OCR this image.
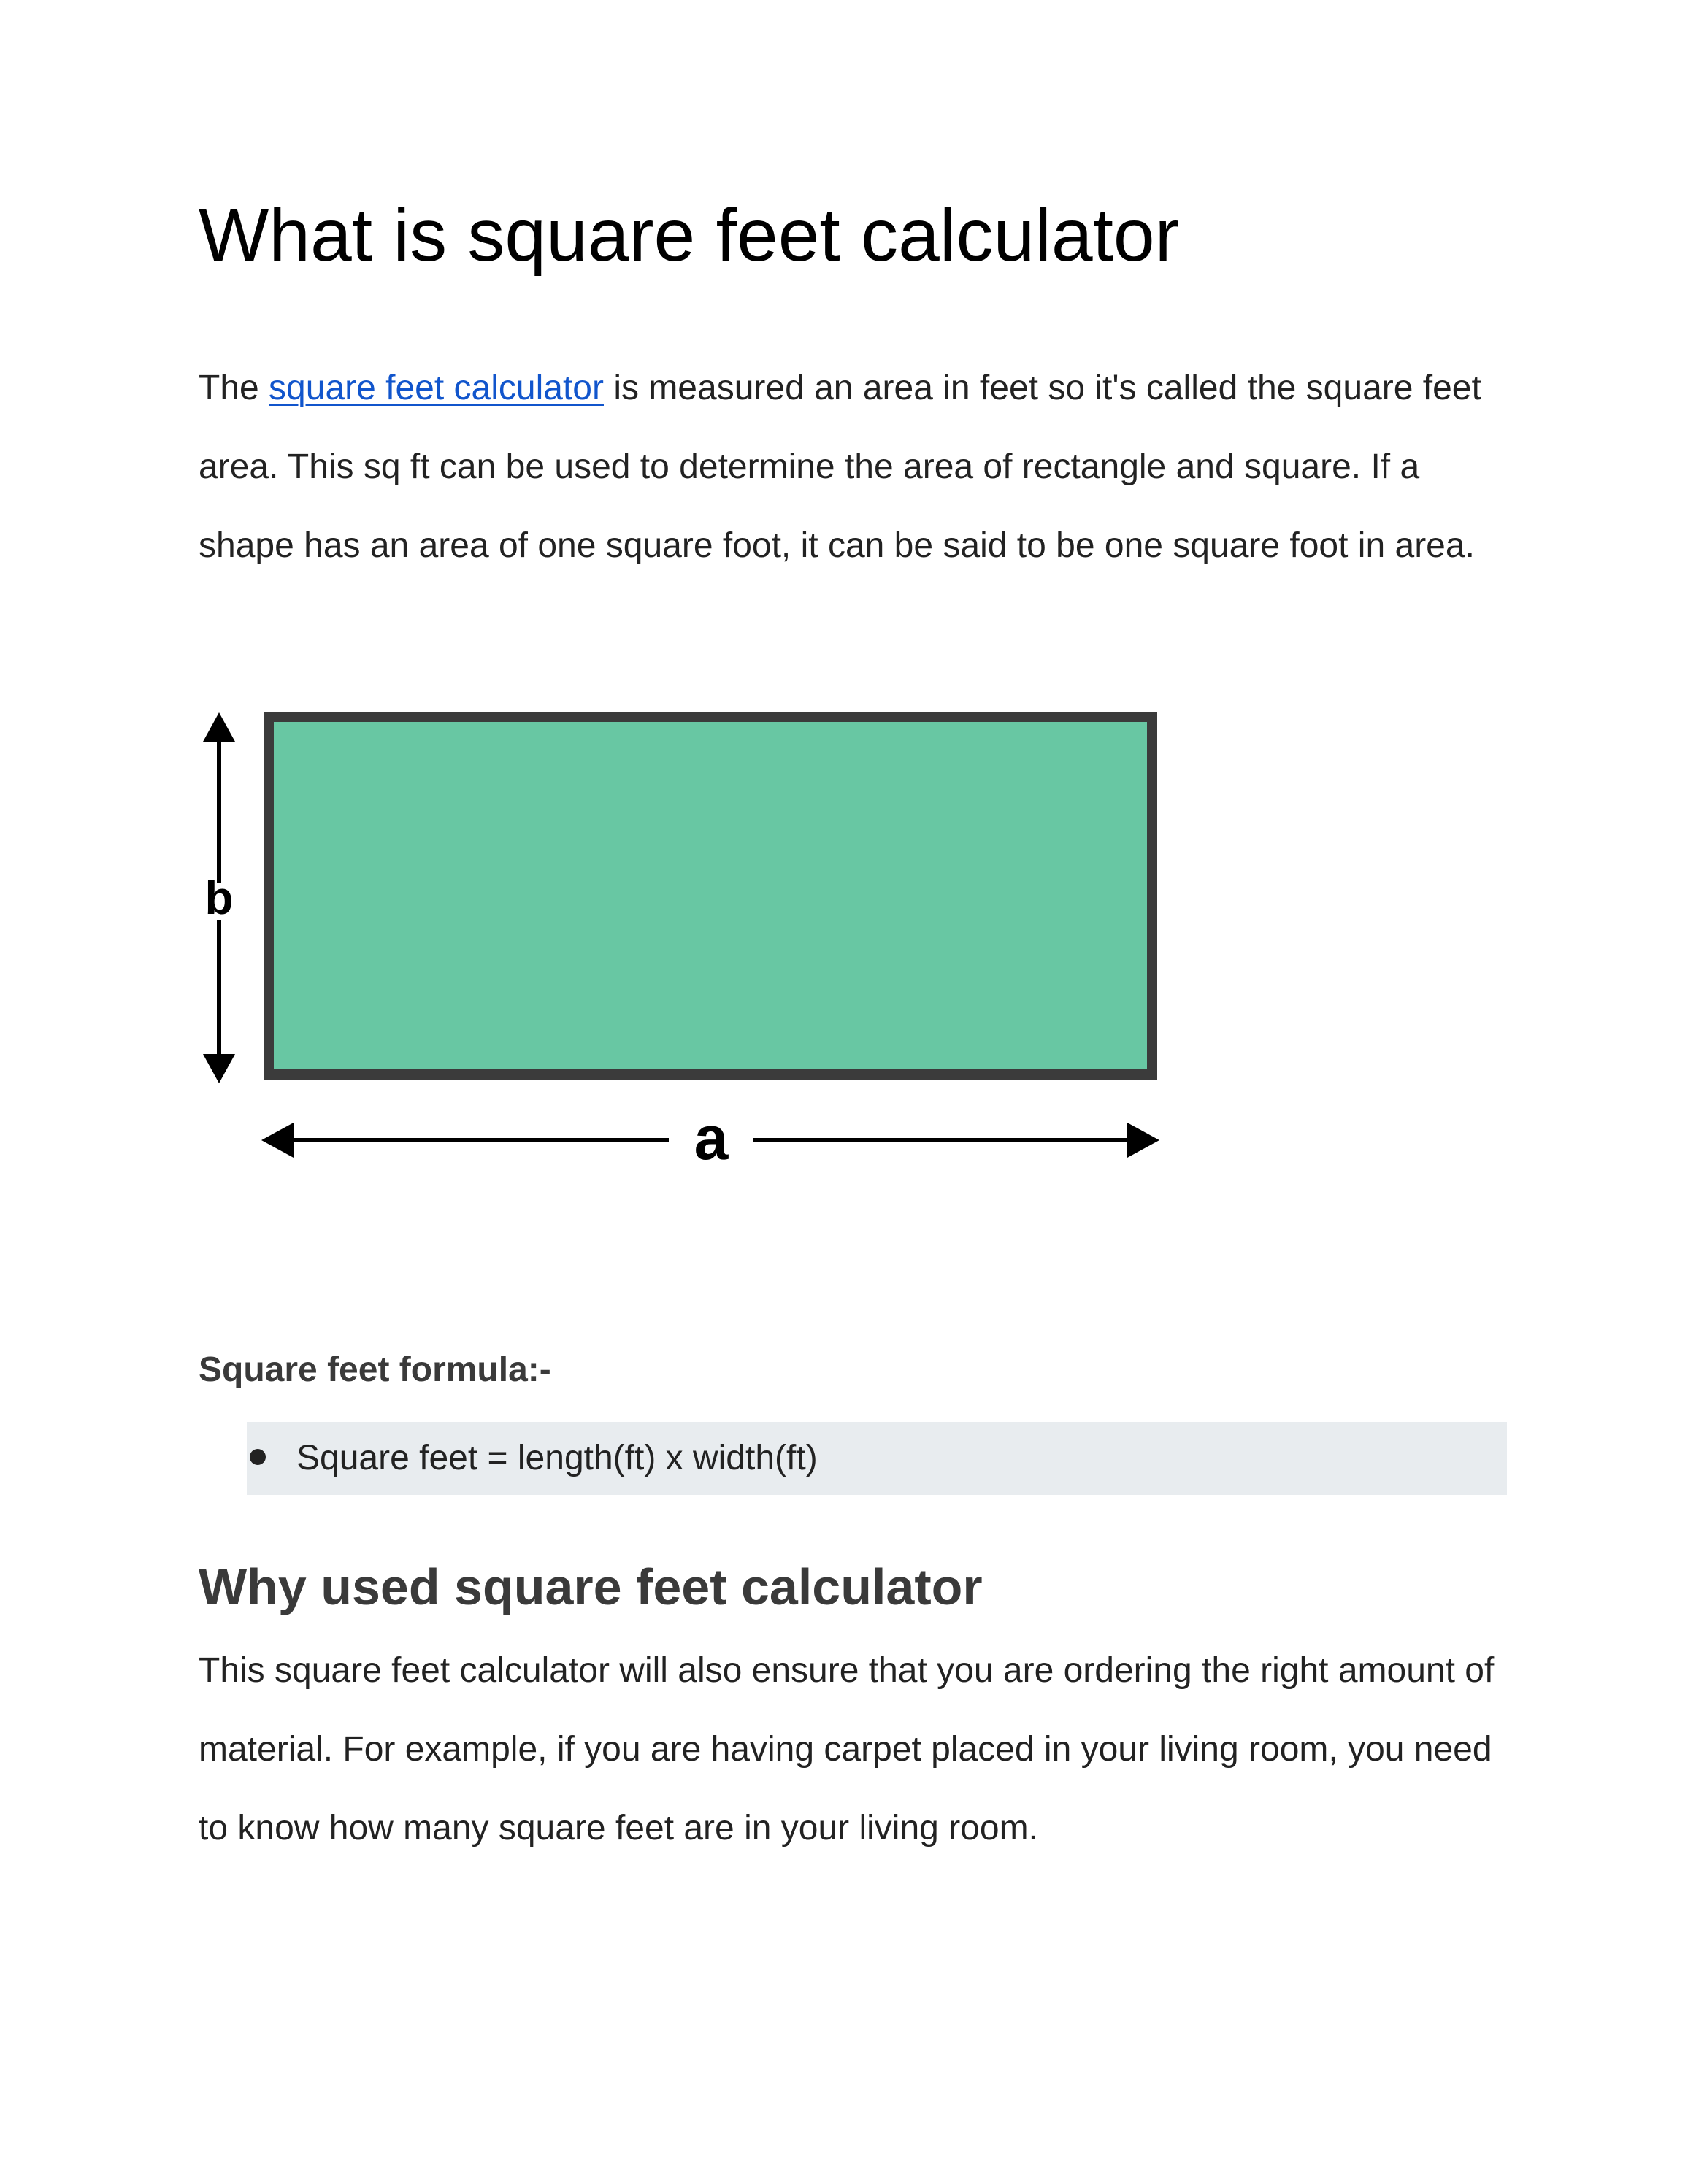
What is square feet calculator

The square feet calculator is measured an area in feet so it's called the square feet area. This sq ft can be used to determine the area of rectangle and square. If a shape has an area of one square foot, it can be said to be one square foot in area.

b
a
Square feet formula:-
Square feet = length(ft) x width(ft)
Why used square feet calculator

This square feet calculator will also ensure that you are ordering the right amount of material. For example, if you are having carpet placed in your living room, you need to know how many square feet are in your living room.
